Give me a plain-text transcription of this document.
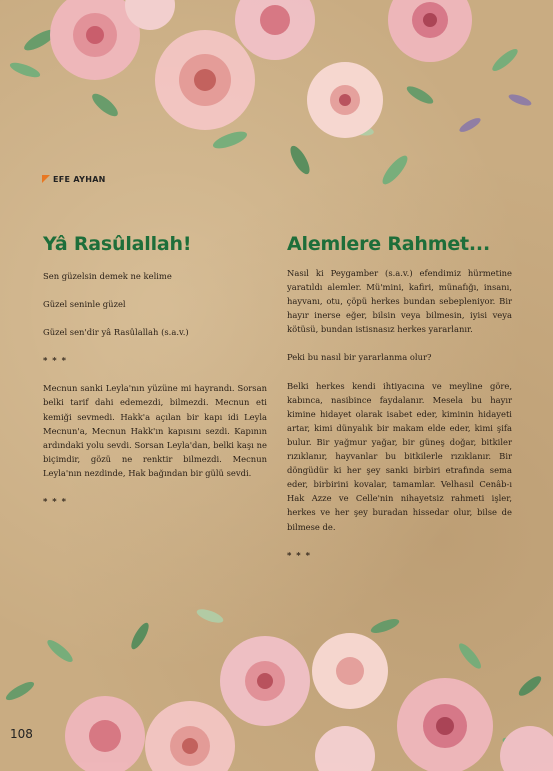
EFE AYHAN
Yâ Rasûlallah!

Sen güzelsin demek ne kelime

Güzel seninle güzel

Güzel sen'dir yâ Rasûlallah (s.a.v.)

* * *

Mecnun sanki Leyla'nın yüzüne mi hayrandı. Sorsan belki tarif dahi edemezdi, bilmezdi. Mecnun eti kemiği sevmedi. Hakk'a açılan bir kapı idi Leyla Mecnun'a, Mecnun Hakk'ın kapısını sezdi. Kapının ardındaki yolu sevdi. Sorsan Leyla'dan, belki kaşı ne biçimdir, gözü ne renktir bilmezdi. Mecnun Leyla'nın nezdinde, Hak bağından bir gülü sevdi.

* * *

Alemlere Rahmet...

Nasıl ki Peygamber (s.a.v.) efendimiz hürmetine yaratıldı alemler. Mü'mini, kafiri, münafığı, insanı, hayvanı, otu, çöpü herkes bundan sebepleniyor. Bir hayır inerse eğer, bilsin veya bilmesin, iyisi veya kötüsü, bundan istisnasız herkes yararlanır.

Peki bu nasıl bir yararlanma olur?

Belki herkes kendi ihtiyacına ve meyline göre, kabınca, nasibince faydalanır. Mesela bu hayır kimine hidayet olarak isabet eder, kiminin hidayeti artar, kimi dünyalık bir makam elde eder, kimi şifa bulur. Bir yağmur yağar, bir güneş doğar, bitkiler rızıklanır, hayvanlar bu bitkilerle rızıklanır. Bir döngüdür ki her şey sanki birbiri etrafında sema eder, birbirini kovalar, tamamlar. Velhasıl Cenâb-ı Hak Azze ve Celle'nin nihayetsiz rahmeti işler, herkes ve her şey buradan hissedar olur, bilse de bilmese de.

* * *

108
